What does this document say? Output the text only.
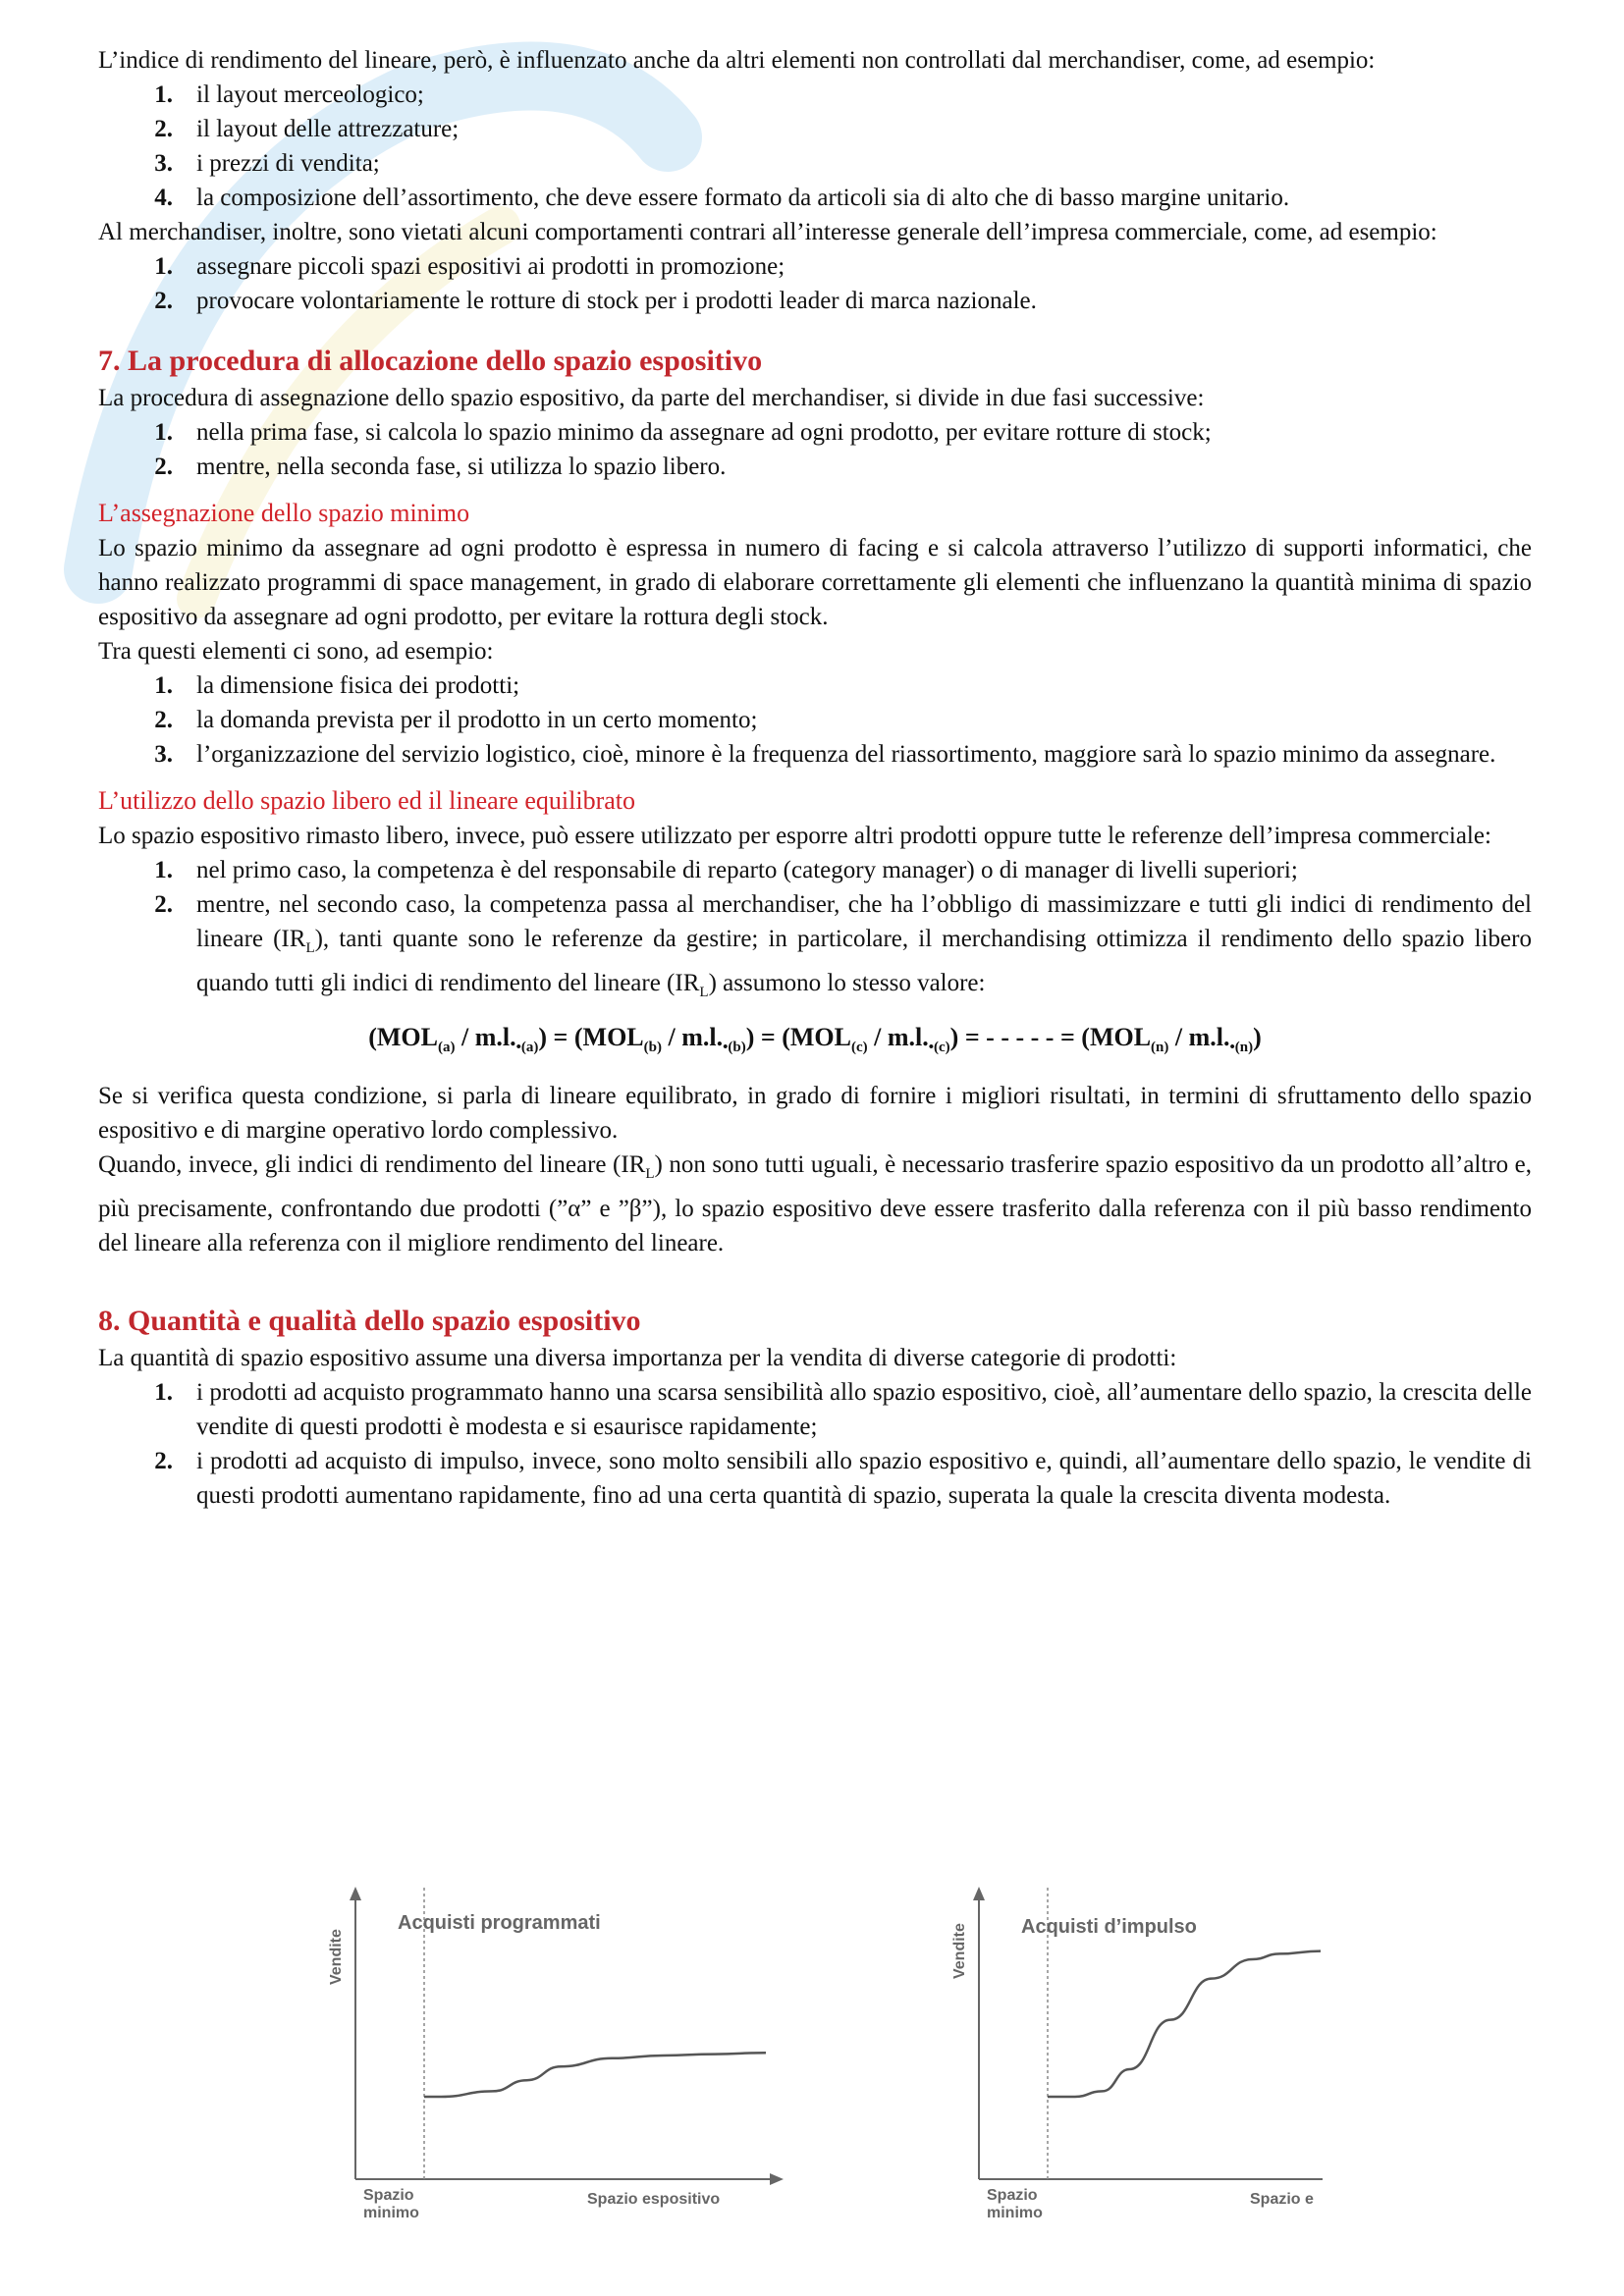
L’indice di rendimento del lineare, però, è influenzato anche da altri elementi non controllati dal merchandiser, come, ad esempio:

1. il layout merceologico;
2. il layout delle attrezzature;
3. i prezzi di vendita;
4. la composizione dell’assortimento, che deve essere formato da articoli sia di alto che di basso margine unitario.

Al merchandiser, inoltre, sono vietati alcuni comportamenti contrari all’interesse generale dell’impresa commerciale, come, ad esempio:

1. assegnare piccoli spazi espositivi ai prodotti in promozione;
2. provocare volontariamente le rotture di stock per i prodotti leader di marca nazionale.
7. La procedura di allocazione dello spazio espositivo

La procedura di assegnazione dello spazio espositivo, da parte del merchandiser, si divide in due fasi successive:

1. nella prima fase, si calcola lo spazio minimo da assegnare ad ogni prodotto, per evitare rotture di stock;
2. mentre, nella seconda fase, si utilizza lo spazio libero.
L’assegnazione dello spazio minimo

Lo spazio minimo da assegnare ad ogni prodotto è espressa in numero di facing e si calcola attraverso l’utilizzo di supporti informatici, che hanno realizzato programmi di space management, in grado di elaborare correttamente gli elementi che influenzano la quantità minima di spazio espositivo da assegnare ad ogni prodotto, per evitare la rottura degli stock.

Tra questi elementi ci sono, ad esempio:

1. la dimensione fisica dei prodotti;
2. la domanda prevista per il prodotto in un certo momento;
3. l’organizzazione del servizio logistico, cioè, minore è la frequenza del riassortimento, maggiore sarà lo spazio minimo da assegnare.
L’utilizzo dello spazio libero ed il lineare equilibrato

Lo spazio espositivo rimasto libero, invece, può essere utilizzato per esporre altri prodotti oppure tutte le referenze dell’impresa commerciale:

1. nel primo caso, la competenza è del responsabile di reparto (category manager) o di manager di livelli superiori;
2. mentre, nel secondo caso, la competenza passa al merchandiser, che ha l’obbligo di massimizzare e tutti gli indici di rendimento del lineare $(IR_L)$, tanti quante sono le referenze da gestire; in particolare, il merchandising ottimizza il rendimento dello spazio libero quando tutti gli indici di rendimento del lineare $(IR_L)$ assumono lo stesso valore:

$(MOL_{(a)} / m.l._{•(a)}) = (MOL_{(b)} / m.l._{•(b)}) = (MOL_{(c)} / m.l._{•(c)})$ = - - - - - = $(MOL_{(n)} / m.l._{•(n)})$

Se si verifica questa condizione, si parla di lineare equilibrato, in grado di fornire i migliori risultati, in termini di sfruttamento dello spazio espositivo e di margine operativo lordo complessivo.

Quando, invece, gli indici di rendimento del lineare $(IR_L)$ non sono tutti uguali, è necessario trasferire spazio espositivo da un prodotto all’altro e, più precisamente, confrontando due prodotti (”α” e ”β”), lo spazio espositivo deve essere trasferito dalla referenza con il più basso rendimento del lineare alla referenza con il migliore rendimento del lineare.

8. Quantità e qualità dello spazio espositivo

La quantità di spazio espositivo assume una diversa importanza per la vendita di diverse categorie di prodotti:

1. i prodotti ad acquisto programmato hanno una scarsa sensibilità allo spazio espositivo, cioè, all’aumentare dello spazio, la crescita delle vendite di questi prodotti è modesta e si esaurisce rapidamente;
2. i prodotti ad acquisto di impulso, invece, sono molto sensibili allo spazio espositivo e, quindi, all’aumentare dello spazio, le vendite di questi prodotti aumentano rapidamente, fino ad una certa quantità di spazio, superata la quale la crescita diventa modesta.
Acquisti programmati
Vendite
Spazio espositivo
Spazio minimo
Acquisti d’impulso
Vendite
Spazio e
Spazio minimo
